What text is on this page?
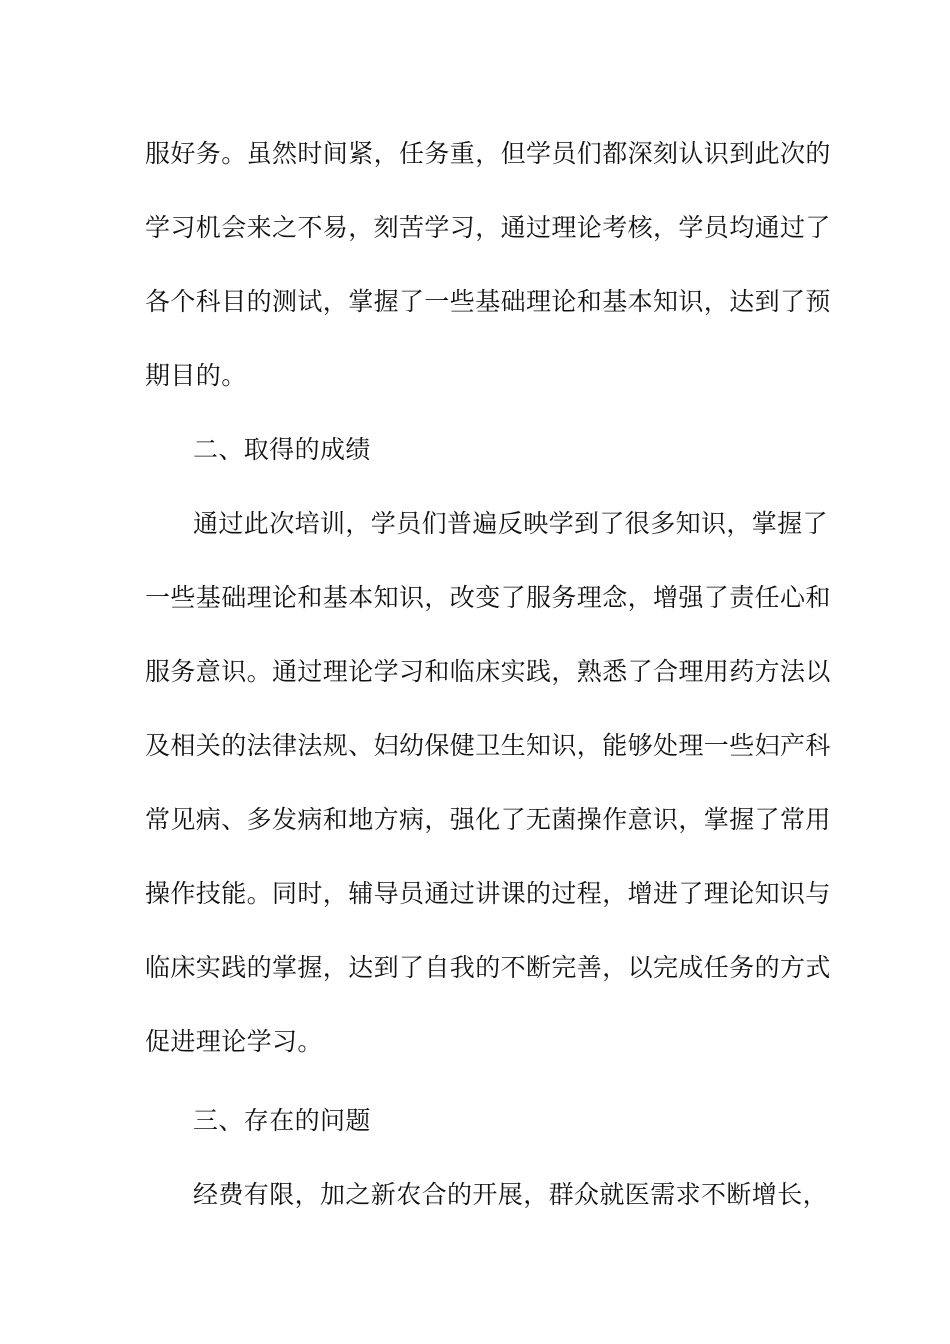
服好务。虽然时间紧，任务重，但学员们都深刻认识到此次的
学习机会来之不易，刻苦学习，通过理论考核，学员均通过了
各个科目的测试，掌握了一些基础理论和基本知识，达到了预
期目的。
二、取得的成绩
通过此次培训，学员们普遍反映学到了很多知识，掌握了
一些基础理论和基本知识，改变了服务理念，增强了责任心和
服务意识。通过理论学习和临床实践，熟悉了合理用药方法以
及相关的法律法规、妇幼保健卫生知识，能够处理一些妇产科
常见病、多发病和地方病，强化了无菌操作意识，掌握了常用
操作技能。同时，辅导员通过讲课的过程，增进了理论知识与
临床实践的掌握，达到了自我的不断完善，以完成任务的方式
促进理论学习。
三、存在的问题
经费有限，加之新农合的开展，群众就医需求不断增长，
